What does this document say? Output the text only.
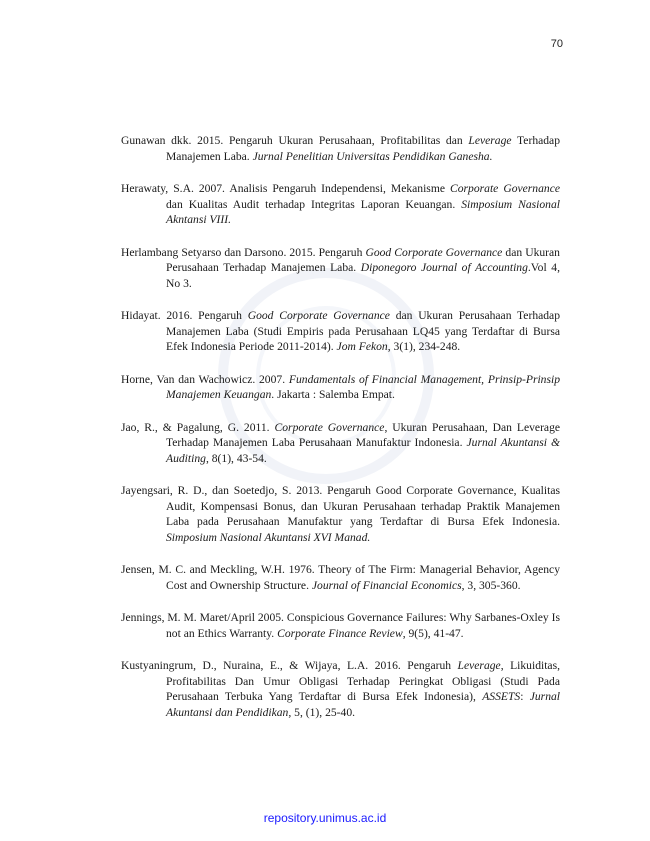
70

Gunawan dkk. 2015. Pengaruh Ukuran Perusahaan, Profitabilitas dan Leverage Terhadap Manajemen Laba. Jurnal Penelitian Universitas Pendidikan Ganesha.

Herawaty, S.A. 2007. Analisis Pengaruh Independensi, Mekanisme Corporate Governance dan Kualitas Audit terhadap Integritas Laporan Keuangan. Simposium Nasional Akntansi VIII.

Herlambang Setyarso dan Darsono. 2015. Pengaruh Good Corporate Governance dan Ukuran Perusahaan Terhadap Manajemen Laba. Diponegoro Journal of Accounting.Vol 4, No 3.

Hidayat. 2016. Pengaruh Good Corporate Governance dan Ukuran Perusahaan Terhadap Manajemen Laba (Studi Empiris pada Perusahaan LQ45 yang Terdaftar di Bursa Efek Indonesia Periode 2011-2014). Jom Fekon, 3(1), 234-248.

Horne, Van dan Wachowicz. 2007. Fundamentals of Financial Management, Prinsip-Prinsip Manajemen Keuangan. Jakarta : Salemba Empat.

Jao, R., & Pagalung, G. 2011. Corporate Governance, Ukuran Perusahaan, Dan Leverage Terhadap Manajemen Laba Perusahaan Manufaktur Indonesia. Jurnal Akuntansi & Auditing, 8(1), 43-54.

Jayengsari, R. D., dan Soetedjo, S. 2013. Pengaruh Good Corporate Governance, Kualitas Audit, Kompensasi Bonus, dan Ukuran Perusahaan terhadap Praktik Manajemen Laba pada Perusahaan Manufaktur yang Terdaftar di Bursa Efek Indonesia. Simposium Nasional Akuntansi XVI Manad.

Jensen, M. C. and Meckling, W.H. 1976. Theory of The Firm: Managerial Behavior, Agency Cost and Ownership Structure. Journal of Financial Economics, 3, 305-360.

Jennings, M. M. Maret/April 2005. Conspicious Governance Failures: Why Sarbanes-Oxley Is not an Ethics Warranty. Corporate Finance Review, 9(5), 41-47.

Kustyaningrum, D., Nuraina, E., & Wijaya, L.A. 2016. Pengaruh Leverage, Likuiditas, Profitabilitas Dan Umur Obligasi Terhadap Peringkat Obligasi (Studi Pada Perusahaan Terbuka Yang Terdaftar di Bursa Efek Indonesia), ASSETS: Jurnal Akuntansi dan Pendidikan, 5, (1), 25-40.

repository.unimus.ac.id
